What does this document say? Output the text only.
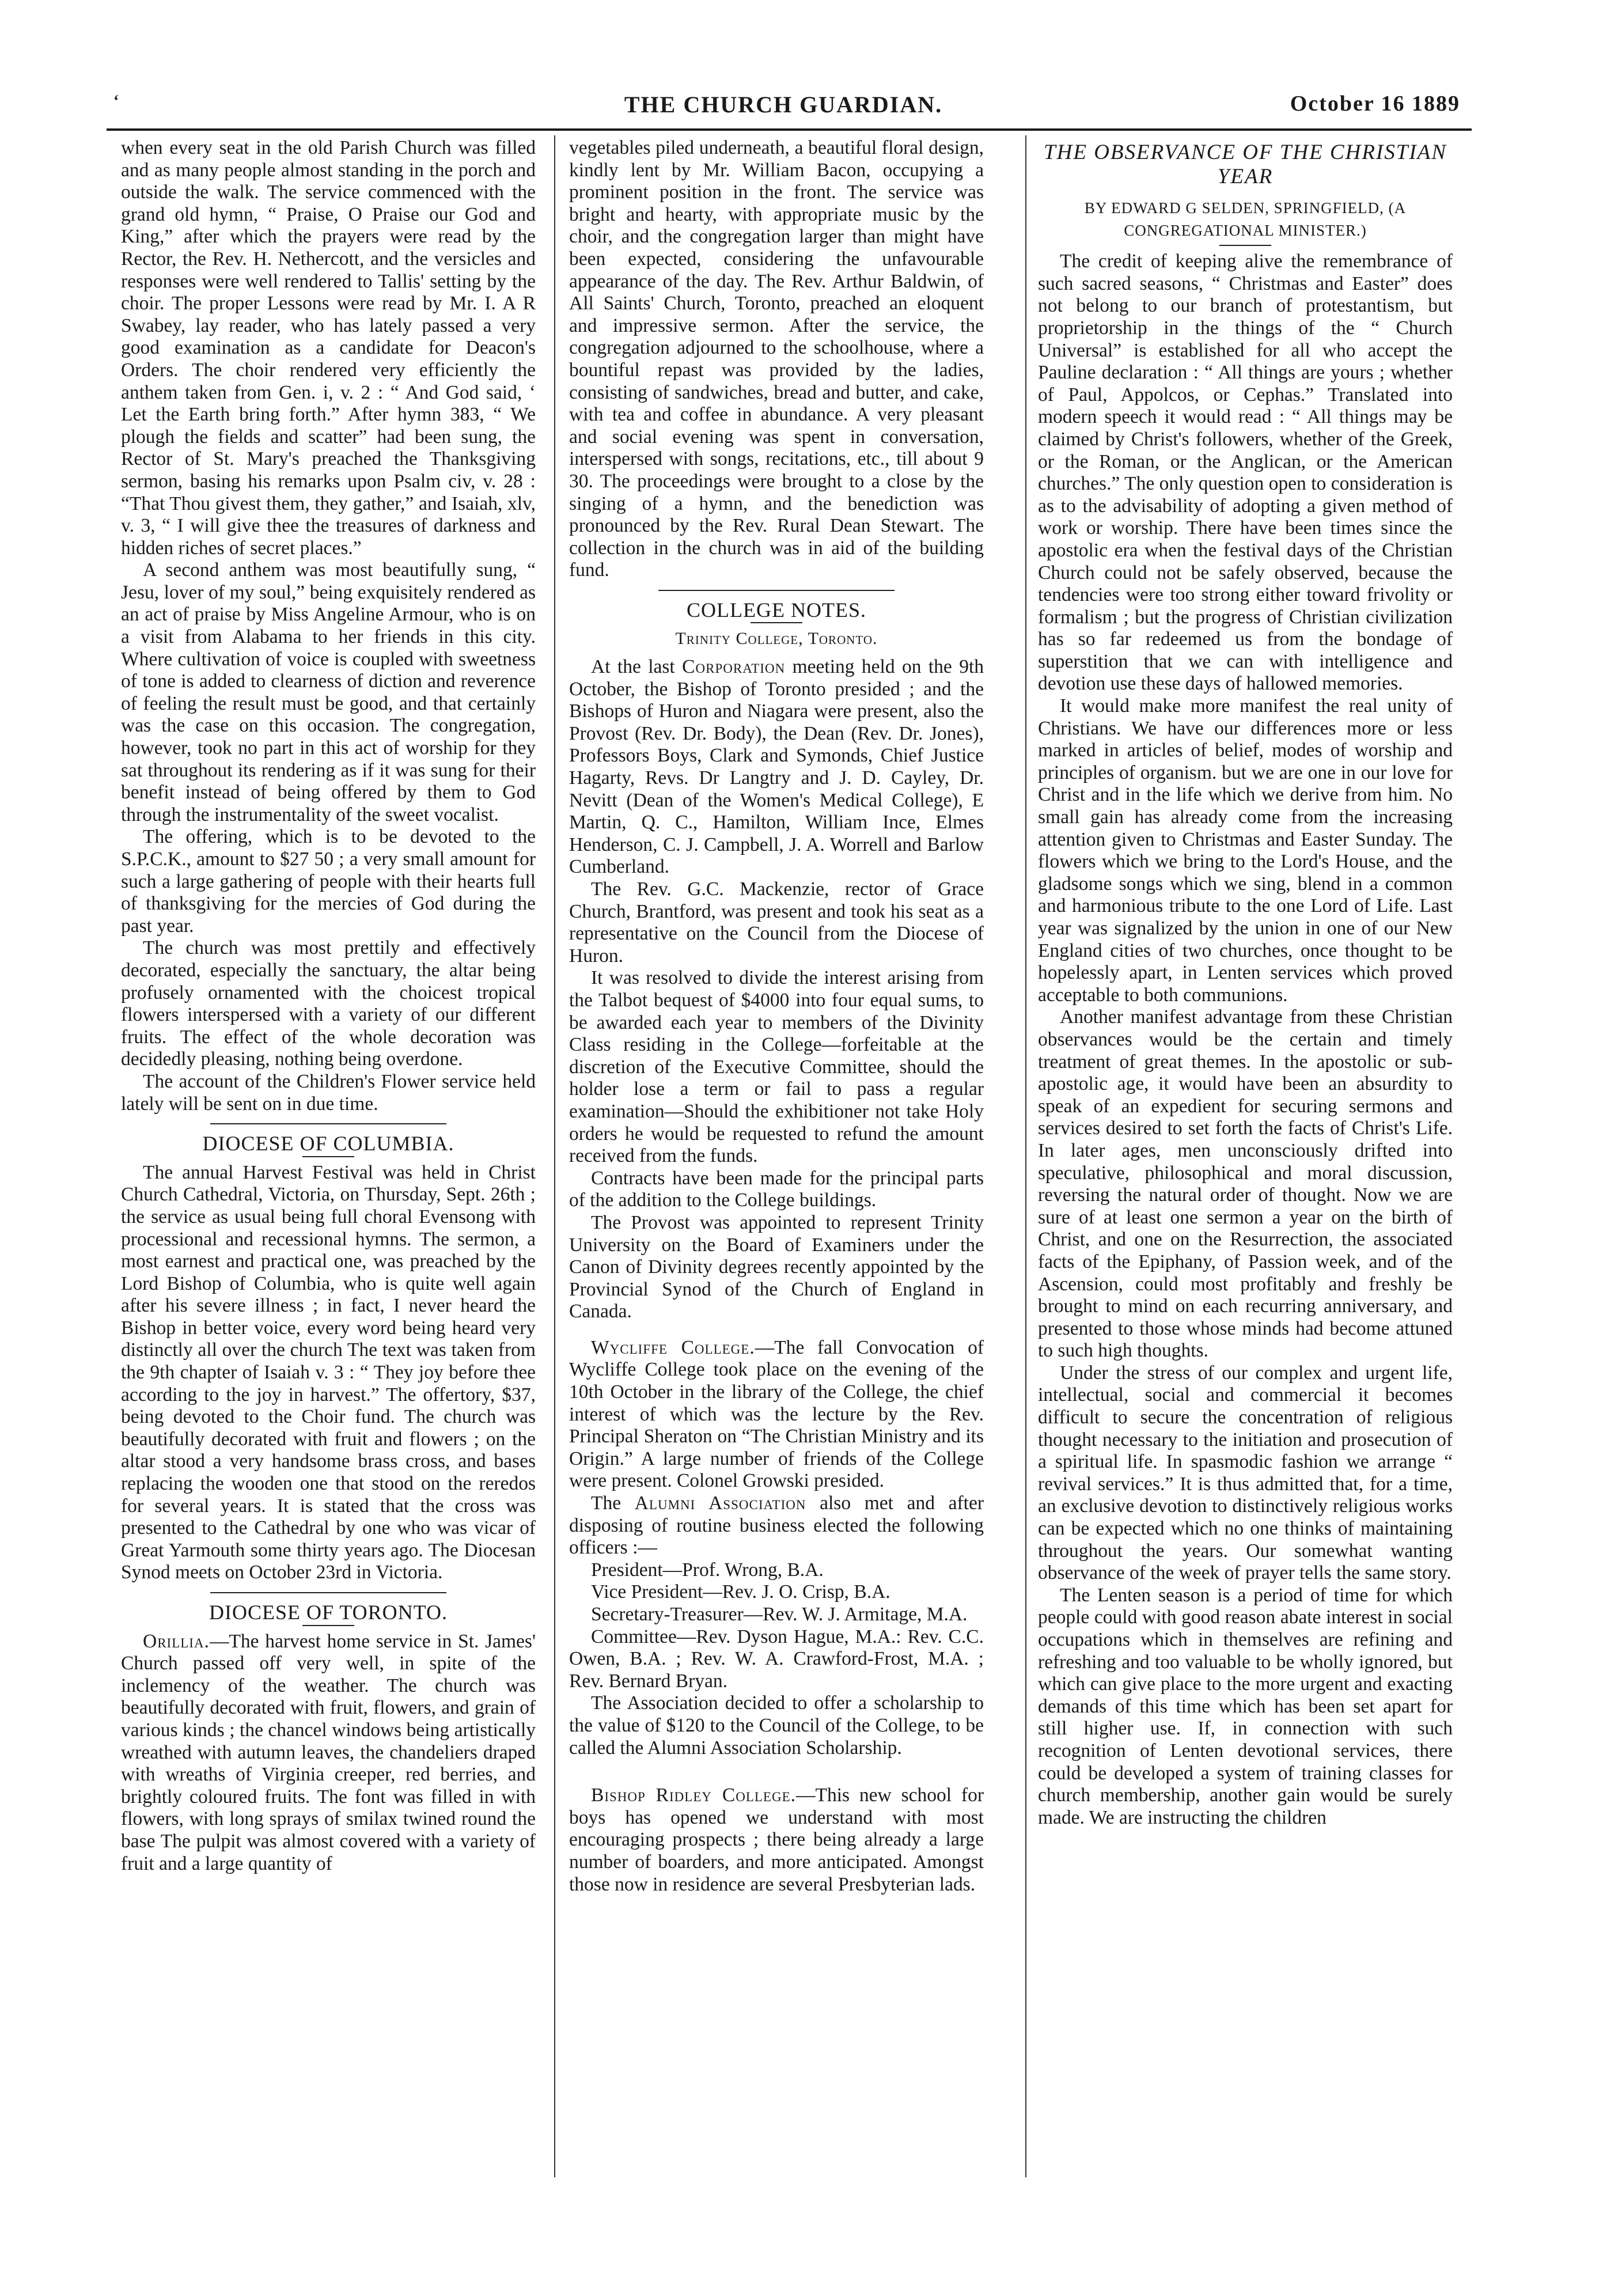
‘	THE CHURCH GUARDIAN.	October 16 1889

when every seat in the old Parish Church was filled and as many people almost standing in the porch and outside the walk. The service commenced with the grand old hymn, “ Praise, O Praise our God and King,” after which the prayers were read by the Rector, the Rev. H. Nethercott, and the versicles and responses were well rendered to Tallis' setting by the choir. The proper Lessons were read by Mr. I. A R Swabey, lay reader, who has lately passed a very good examination as a candidate for Deacon's Orders. The choir rendered very efficiently the anthem taken from Gen. i, v. 2 : “ And God said, ‘ Let the Earth bring forth.” After hymn 383, “ We plough the fields and scatter” had been sung, the Rector of St. Mary's preached the Thanksgiving sermon, basing his remarks upon Psalm civ, v. 28 : “That Thou givest them, they gather,” and Isaiah, xlv, v. 3, “ I will give thee the treasures of darkness and hidden riches of secret places.”

A second anthem was most beautifully sung, “ Jesu, lover of my soul,” being exquisitely rendered as an act of praise by Miss Angeline Armour, who is on a visit from Alabama to her friends in this city. Where cultivation of voice is coupled with sweetness of tone is added to clearness of diction and reverence of feeling the result must be good, and that certainly was the case on this occasion. The congregation, however, took no part in this act of worship for they sat throughout its rendering as if it was sung for their benefit instead of being offered by them to God through the instrumentality of the sweet vocalist.

The offering, which is to be devoted to the S.P.C.K., amount to $27 50 ; a very small amount for such a large gathering of people with their hearts full of thanksgiving for the mercies of God during the past year.

The church was most prettily and effectively decorated, especially the sanctuary, the altar being profusely ornamented with the choicest tropical flowers interspersed with a variety of our different fruits. The effect of the whole decoration was decidedly pleasing, nothing being overdone.

The account of the Children's Flower service held lately will be sent on in due time.

DIOCESE OF COLUMBIA.

The annual Harvest Festival was held in Christ Church Cathedral, Victoria, on Thursday, Sept. 26th ; the service as usual being full choral Evensong with processional and recessional hymns. The sermon, a most earnest and practical one, was preached by the Lord Bishop of Columbia, who is quite well again after his severe illness ; in fact, I never heard the Bishop in better voice, every word being heard very distinctly all over the church The text was taken from the 9th chapter of Isaiah v. 3 : “ They joy before thee according to the joy in harvest.” The offertory, $37, being devoted to the Choir fund. The church was beautifully decorated with fruit and flowers ; on the altar stood a very handsome brass cross, and bases replacing the wooden one that stood on the reredos for several years. It is stated that the cross was presented to the Cathedral by one who was vicar of Great Yarmouth some thirty years ago. The Diocesan Synod meets on October 23rd in Victoria.

DIOCESE OF TORONTO.

Orillia.—The harvest home service in St. James' Church passed off very well, in spite of the inclemency of the weather. The church was beautifully decorated with fruit, flowers, and grain of various kinds ; the chancel windows being artistically wreathed with autumn leaves, the chandeliers draped with wreaths of Virginia creeper, red berries, and brightly coloured fruits. The font was filled in with flowers, with long sprays of smilax twined round the base The pulpit was almost covered with a variety of fruit and a large quantity of

vegetables piled underneath, a beautiful floral design, kindly lent by Mr. William Bacon, occupying a prominent position in the front. The service was bright and hearty, with appropriate music by the choir, and the congregation larger than might have been expected, considering the unfavourable appearance of the day. The Rev. Arthur Baldwin, of All Saints' Church, Toronto, preached an eloquent and impressive sermon. After the service, the congregation adjourned to the schoolhouse, where a bountiful repast was provided by the ladies, consisting of sandwiches, bread and butter, and cake, with tea and coffee in abundance. A very pleasant and social evening was spent in conversation, interspersed with songs, recitations, etc., till about 9 30. The proceedings were brought to a close by the singing of a hymn, and the benediction was pronounced by the Rev. Rural Dean Stewart. The collection in the church was in aid of the building fund.

COLLEGE NOTES.
Trinity College, Toronto.

At the last Corporation meeting held on the 9th October, the Bishop of Toronto presided ; and the Bishops of Huron and Niagara were present, also the Provost (Rev. Dr. Body), the Dean (Rev. Dr. Jones), Professors Boys, Clark and Symonds, Chief Justice Hagarty, Revs. Dr Langtry and J. D. Cayley, Dr. Nevitt (Dean of the Women's Medical College), E Martin, Q. C., Hamilton, William Ince, Elmes Henderson, C. J. Campbell, J. A. Worrell and Barlow Cumberland.

The Rev. G.C. Mackenzie, rector of Grace Church, Brantford, was present and took his seat as a representative on the Council from the Diocese of Huron.

It was resolved to divide the interest arising from the Talbot bequest of $4000 into four equal sums, to be awarded each year to members of the Divinity Class residing in the College—forfeitable at the discretion of the Executive Committee, should the holder lose a term or fail to pass a regular examination—Should the exhibitioner not take Holy orders he would be requested to refund the amount received from the funds.

Contracts have been made for the principal parts of the addition to the College buildings.

The Provost was appointed to represent Trinity University on the Board of Examiners under the Canon of Divinity degrees recently appointed by the Provincial Synod of the Church of England in Canada.

Wycliffe College.—The fall Convocation of Wycliffe College took place on the evening of the 10th October in the library of the College, the chief interest of which was the lecture by the Rev. Principal Sheraton on “The Christian Ministry and its Origin.” A large number of friends of the College were present. Colonel Growski presided.

The Alumni Association also met and after disposing of routine business elected the following officers :—

President—Prof. Wrong, B.A.

Vice President—Rev. J. O. Crisp, B.A.

Secretary-Treasurer—Rev. W. J. Armitage, M.A.

Committee—Rev. Dyson Hague, M.A.: Rev. C.C. Owen, B.A. ; Rev. W. A. Crawford-Frost, M.A. ; Rev. Bernard Bryan.

The Association decided to offer a scholarship to the value of $120 to the Council of the College, to be called the Alumni Association Scholarship.

Bishop Ridley College.—This new school for boys has opened we understand with most encouraging prospects ; there being already a large number of boarders, and more anticipated. Amongst those now in residence are several Presbyterian lads.

THE OBSERVANCE OF THE CHRISTIAN YEAR
BY EDWARD G SELDEN, SPRINGFIELD, (A CONGREGATIONAL MINISTER.)

The credit of keeping alive the remembrance of such sacred seasons, “ Christmas and Easter” does not belong to our branch of protestantism, but proprietorship in the things of the “ Church Universal” is established for all who accept the Pauline declaration : “ All things are yours ; whether of Paul, Appolcos, or Cephas.” Translated into modern speech it would read : “ All things may be claimed by Christ's followers, whether of the Greek, or the Roman, or the Anglican, or the American churches.” The only question open to consideration is as to the advisability of adopting a given method of work or worship. There have been times since the apostolic era when the festival days of the Christian Church could not be safely observed, because the tendencies were too strong either toward frivolity or formalism ; but the progress of Christian civilization has so far redeemed us from the bondage of superstition that we can with intelligence and devotion use these days of hallowed memories.

It would make more manifest the real unity of Christians. We have our differences more or less marked in articles of belief, modes of worship and principles of organism. but we are one in our love for Christ and in the life which we derive from him. No small gain has already come from the increasing attention given to Christmas and Easter Sunday. The flowers which we bring to the Lord's House, and the gladsome songs which we sing, blend in a common and harmonious tribute to the one Lord of Life. Last year was signalized by the union in one of our New England cities of two churches, once thought to be hopelessly apart, in Lenten services which proved acceptable to both communions.

Another manifest advantage from these Christian observances would be the certain and timely treatment of great themes. In the apostolic or sub-apostolic age, it would have been an absurdity to speak of an expedient for securing sermons and services desired to set forth the facts of Christ's Life. In later ages, men unconsciously drifted into speculative, philosophical and moral discussion, reversing the natural order of thought. Now we are sure of at least one sermon a year on the birth of Christ, and one on the Resurrection, the associated facts of the Epiphany, of Passion week, and of the Ascension, could most profitably and freshly be brought to mind on each recurring anniversary, and presented to those whose minds had become attuned to such high thoughts.

Under the stress of our complex and urgent life, intellectual, social and commercial it becomes difficult to secure the concentration of religious thought necessary to the initiation and prosecution of a spiritual life. In spasmodic fashion we arrange “ revival services.” It is thus admitted that, for a time, an exclusive devotion to distinctively religious works can be expected which no one thinks of maintaining throughout the years. Our somewhat wanting observance of the week of prayer tells the same story.

The Lenten season is a period of time for which people could with good reason abate interest in social occupations which in themselves are refining and refreshing and too valuable to be wholly ignored, but which can give place to the more urgent and exacting demands of this time which has been set apart for still higher use. If, in connection with such recognition of Lenten devotional services, there could be developed a system of training classes for church membership, another gain would be surely made. We are instructing the children
